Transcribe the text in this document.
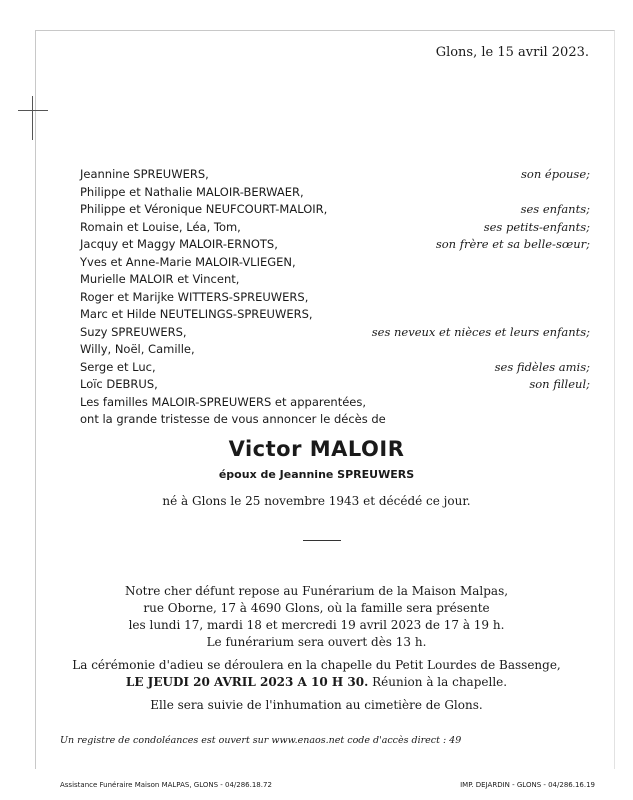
Glons, le 15 avril 2023.
Jeannine SPREUWERS,	son épouse;
Philippe et Nathalie MALOIR-BERWAER,
Philippe et Véronique NEUFCOURT-MALOIR,	ses enfants;
Romain et Louise, Léa, Tom,	ses petits-enfants;
Jacquy et Maggy MALOIR-ERNOTS,	son frère et sa belle-sœur;
Yves et Anne-Marie MALOIR-VLIEGEN,
Murielle MALOIR et Vincent,
Roger et Marijke WITTERS-SPREUWERS,
Marc et Hilde NEUTELINGS-SPREUWERS,
Suzy SPREUWERS,	ses neveux et nièces et leurs enfants;
Willy, Noël, Camille,
Serge et Luc,	ses fidèles amis;
Loïc DEBRUS,	son filleul;
Les familles MALOIR-SPREUWERS et apparentées,
ont la grande tristesse de vous annoncer le décès de
Victor MALOIR
époux de Jeannine SPREUWERS
né à Glons le 25 novembre 1943 et décédé ce jour.
Notre cher défunt repose au Funérarium de la Maison Malpas,
rue Oborne, 17 à 4690 Glons, où la famille sera présente
les lundi 17, mardi 18 et mercredi 19 avril 2023 de 17 à 19 h.
Le funérarium sera ouvert dès 13 h.
La cérémonie d'adieu se déroulera en la chapelle du Petit Lourdes de Bassenge,
LE JEUDI 20 AVRIL 2023 A 10 H 30. Réunion à la chapelle.
Elle sera suivie de l'inhumation au cimetière de Glons.
Un registre de condoléances est ouvert sur www.enaos.net code d'accès direct : 49
Assistance Funéraire Maison MALPAS, GLONS - 04/286.18.72	IMP. DEJARDIN - GLONS - 04/286.16.19
